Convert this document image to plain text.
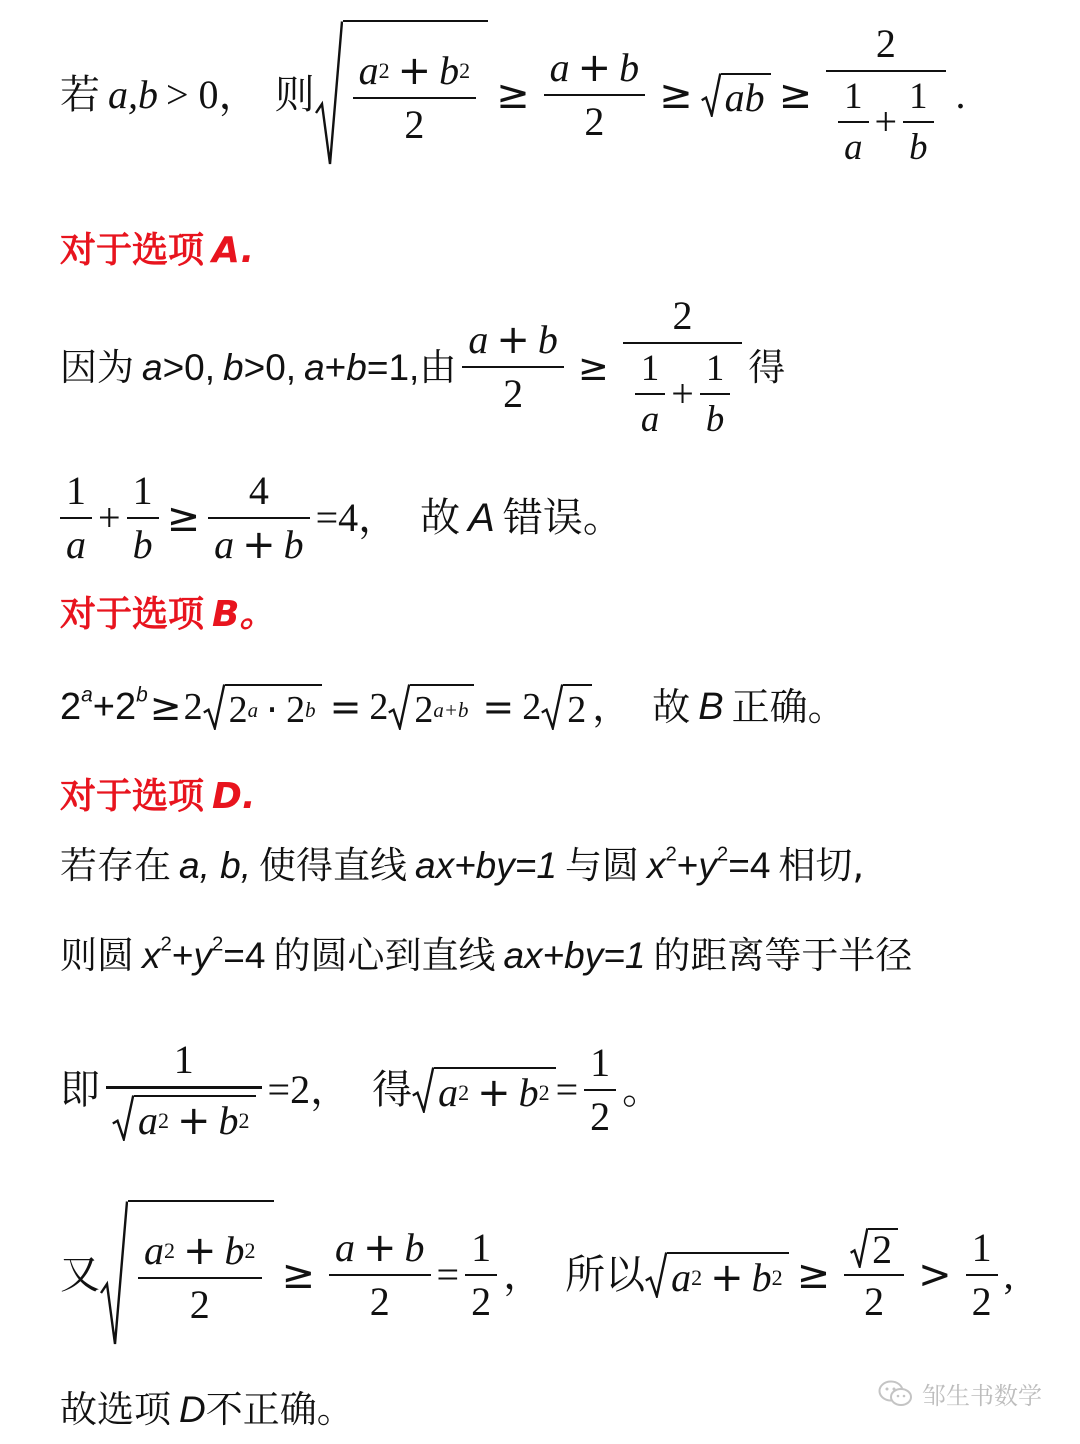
若 a,b > 0 ， 则 $\frac{a 2 + b 2}{2} \ge \frac{a + b}{2}$ ≥ ab ≥ $\frac{2}{\frac{1}{a} + \frac{1}{b}}$ .
对于选项 A.
因为 a >0, b >0, a + b =1, 由 $\frac{a + b}{2} \ge \frac{2}{\frac{1}{a} + \frac{1}{b}}$ 得
$\frac{1}{a} + \frac{1}{b} \ge \frac{4}{a + b} =4$ ， 故 A 错误。
对于选项 B。
$2^a+2^b \ge 2$ 2 a · 2 b = 2 2 a+b = 2 2 ， 故 B 正确。
对于选项 D.
若存在 a, b, 使得直线 ax+by=1 与圆 $x^2+y^2=4$ 相切,
则圆 $x^2+y^2=4$ 的圆心到直线 ax+by=1 的距离等于半径
即 $\frac{1}{a 2 + b 2} =2$ ， 得 a 2 + b $2 = \frac{1}{2}$ 。
又 $\frac{a 2 + b 2}{2} \ge \frac{a + b}{2} = \frac{1}{2}$ ， 所以 a 2 + b $2 \ge \frac{2}{2} > \frac{1}{2}$ ,
故选项 D 不正确。	邹生书数学
